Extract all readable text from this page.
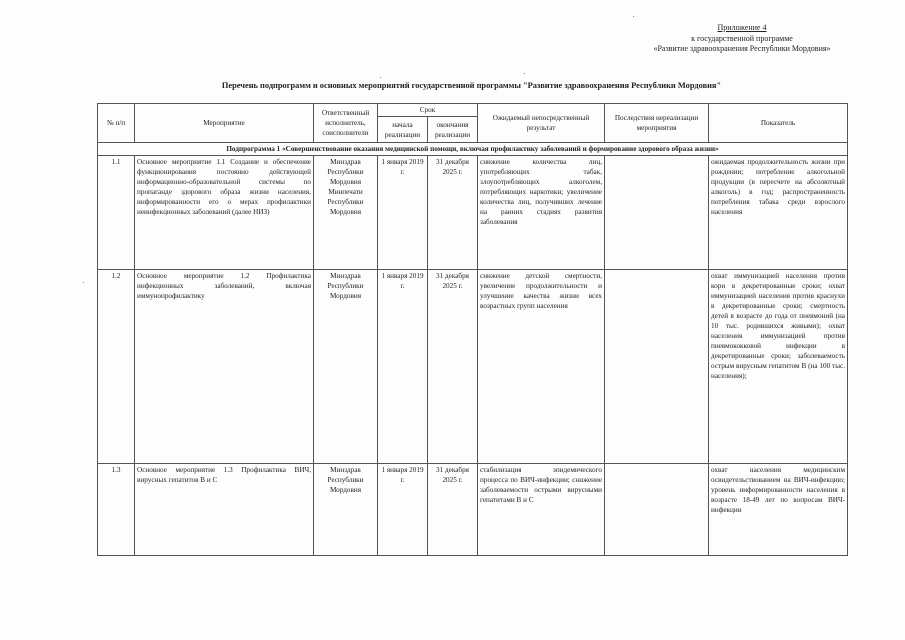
Приложение 4
к государственной программе
«Развитие здравоохранения Республики Мордовия»
Перечень подпрограмм и основных мероприятий государственной программы "Развитие здравоохранения Республики Мордовия"
№ п/п	Мероприятие	Ответственный исполнитель, соисполнители	Срок		Ожидаемый непосредственный результат	Последствия нереализации мероприятия	Показатель
			начала реализации	окончания реализации			
Подпрограмма 1 «Совершенствование оказания медицинской помощи, включая профилактику заболеваний и формирование здорового образа жизни»							
1.1	Основное мероприятие 1.1 Создание и обеспечение функционирования постоянно действующей информационно-образовательной системы по пропаганде здорового образа жизни населения, информированности его о мерах профилактики неинфекционных заболеваний (далее НИЗ)	Минздрав Республики Мордовия Минпечати Республики Мордовия	1 января 2019 г.	31 декабря 2025 г.	снижение количества лиц, употребляющих табак, злоупотребляющих алкоголем, потребляющих наркотики; увеличение количества лиц, получивших лечение на ранних стадиях развития заболевания		ожидаемая продолжительность жизни при рождении; потребление алкогольной продукции (в пересчете на абсолютный алкоголь) в год; распространенность потребления табака среди взрослого населения
1.2	Основное мероприятие 1.2 Профилактика инфекционных заболеваний, включая иммунопрофилактику	Минздрав Республики Мордовия	1 января 2019 г.	31 декабря 2025 г.	снижение детской смертности, увеличение продолжительности и улучшение качества жизни всех возрастных групп населения		охват иммунизацией населения против кори в декретированные сроки; охват иммунизацией населения против краснухи в декретированные сроки; смертность детей в возрасте до года от пневмоний (на 10 тыс. родившихся живыми); охват населения иммунизацией против пневмококковой инфекции в декретированные сроки; заболеваемость острым вирусным гепатитом В (на 100 тыс. населения);
1.3	Основное мероприятие 1.3 Профилактика ВИЧ, вирусных гепатитов В и С	Минздрав Республики Мордовия	1 января 2019 г.	31 декабря 2025 г.	стабилизация эпидемического процесса по ВИЧ-инфекции; снижение заболеваемости острыми вирусными гепатитами В и С		охват населения медицинским освидетельствованием на ВИЧ-инфекцию; уровень информированности населения в возрасте 18-49 лет по вопросам ВИЧ-инфекции
